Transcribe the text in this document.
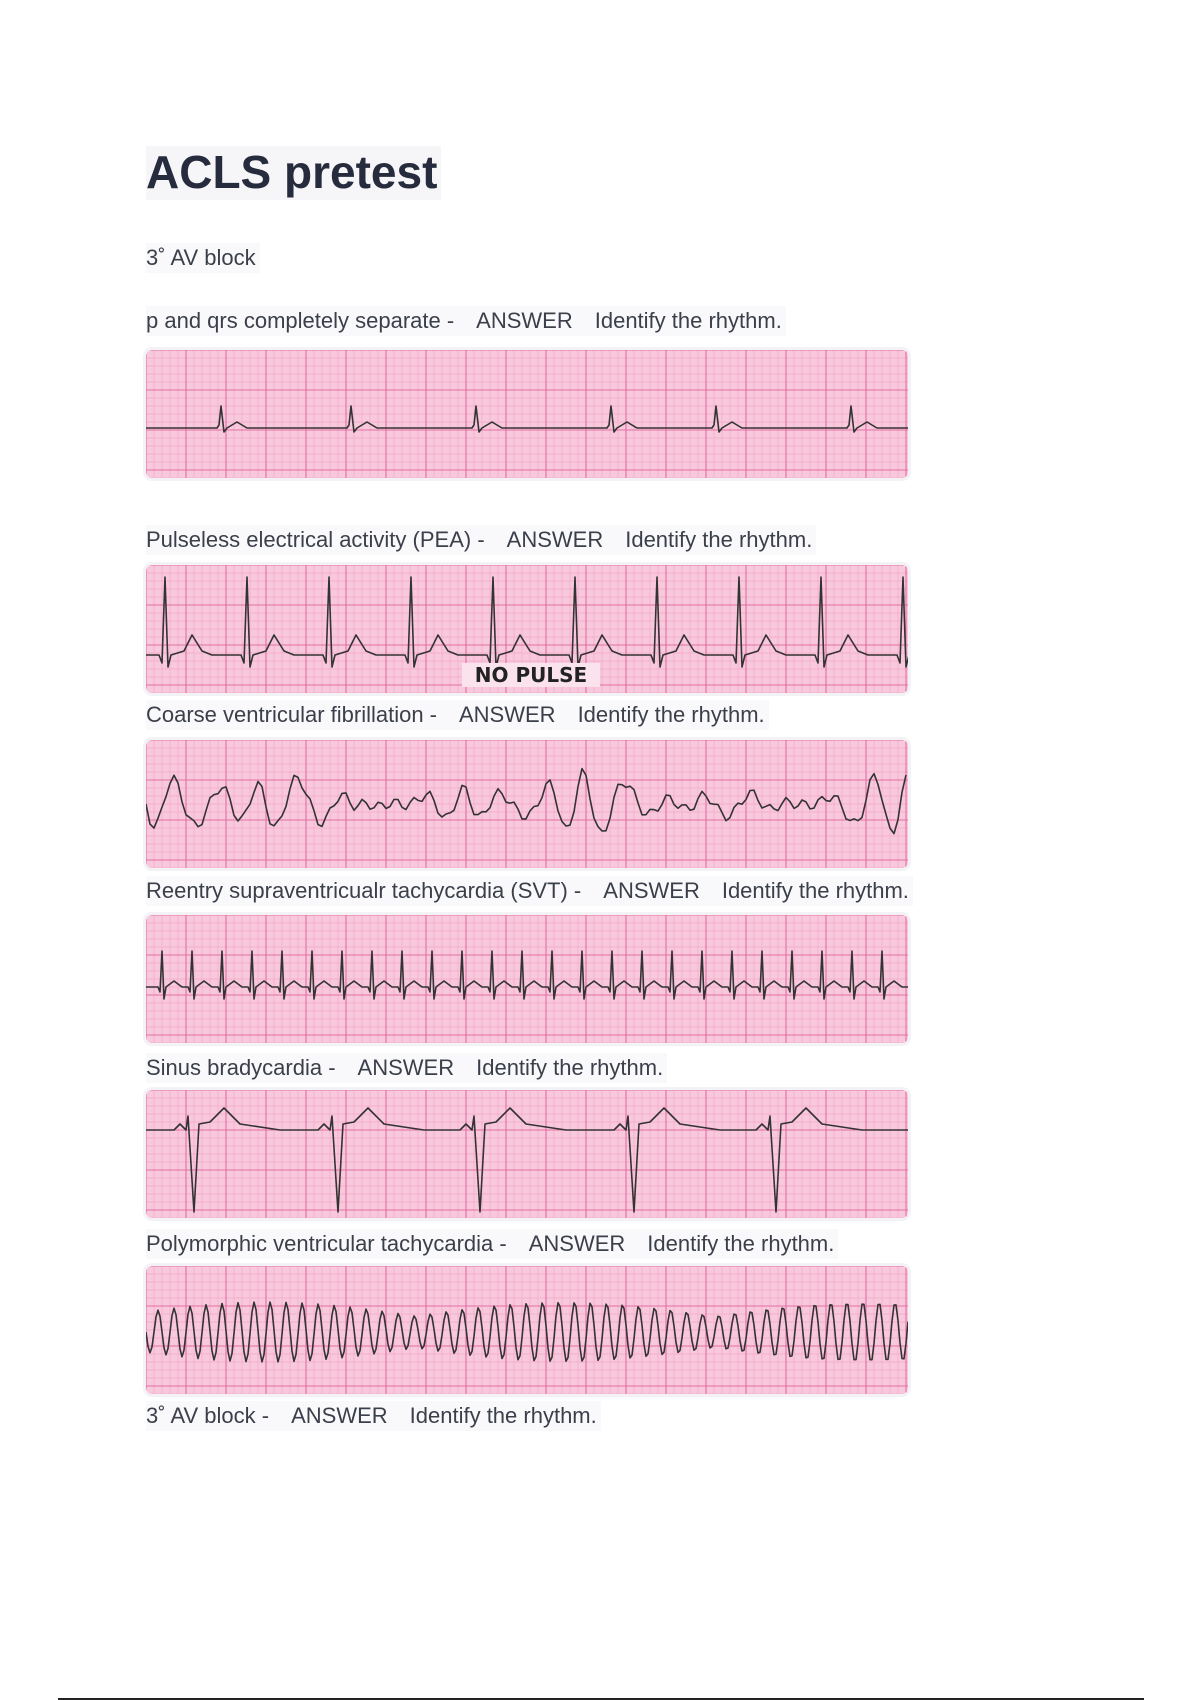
ACLS pretest
3˚ AV block
p and qrs completely separate - ANSWER Identify the rhythm.
Pulseless electrical activity (PEA) - ANSWER Identify the rhythm.
NO PULSE
Coarse ventricular fibrillation - ANSWER Identify the rhythm.
Reentry supraventricualr tachycardia (SVT) - ANSWER Identify the rhythm.
Sinus bradycardia - ANSWER Identify the rhythm.
Polymorphic ventricular tachycardia - ANSWER Identify the rhythm.
3˚ AV block - ANSWER Identify the rhythm.
